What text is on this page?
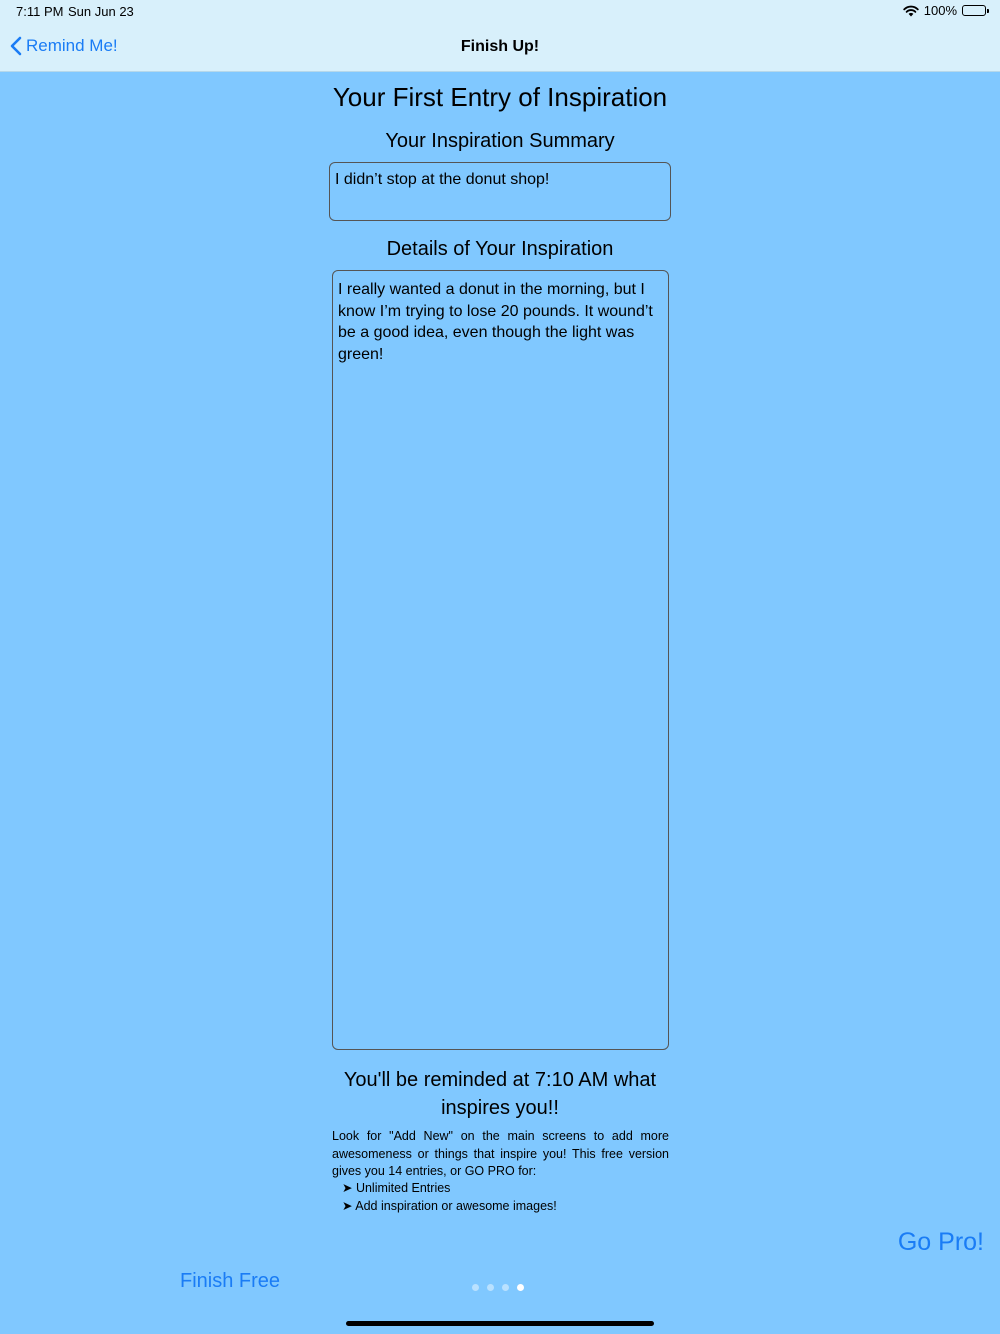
7:11 PM Sun Jun 23	100%
Remind Me!	Finish Up!
Your First Entry of Inspiration
Your Inspiration Summary
I didn’t stop at the donut shop!
Details of Your Inspiration
I really wanted a donut in the morning, but I know I’m trying to lose 20 pounds. It wound’t be a good idea, even though the light was green!
You'll be reminded at 7:10 AM what inspires you!!
Look for "Add New" on the main screens to add more awesomeness or things that inspire you! This free version gives you 14 entries, or GO PRO for:
➤ Unlimited Entries
➤ Add inspiration or awesome images!
Go Pro!
Finish Free
